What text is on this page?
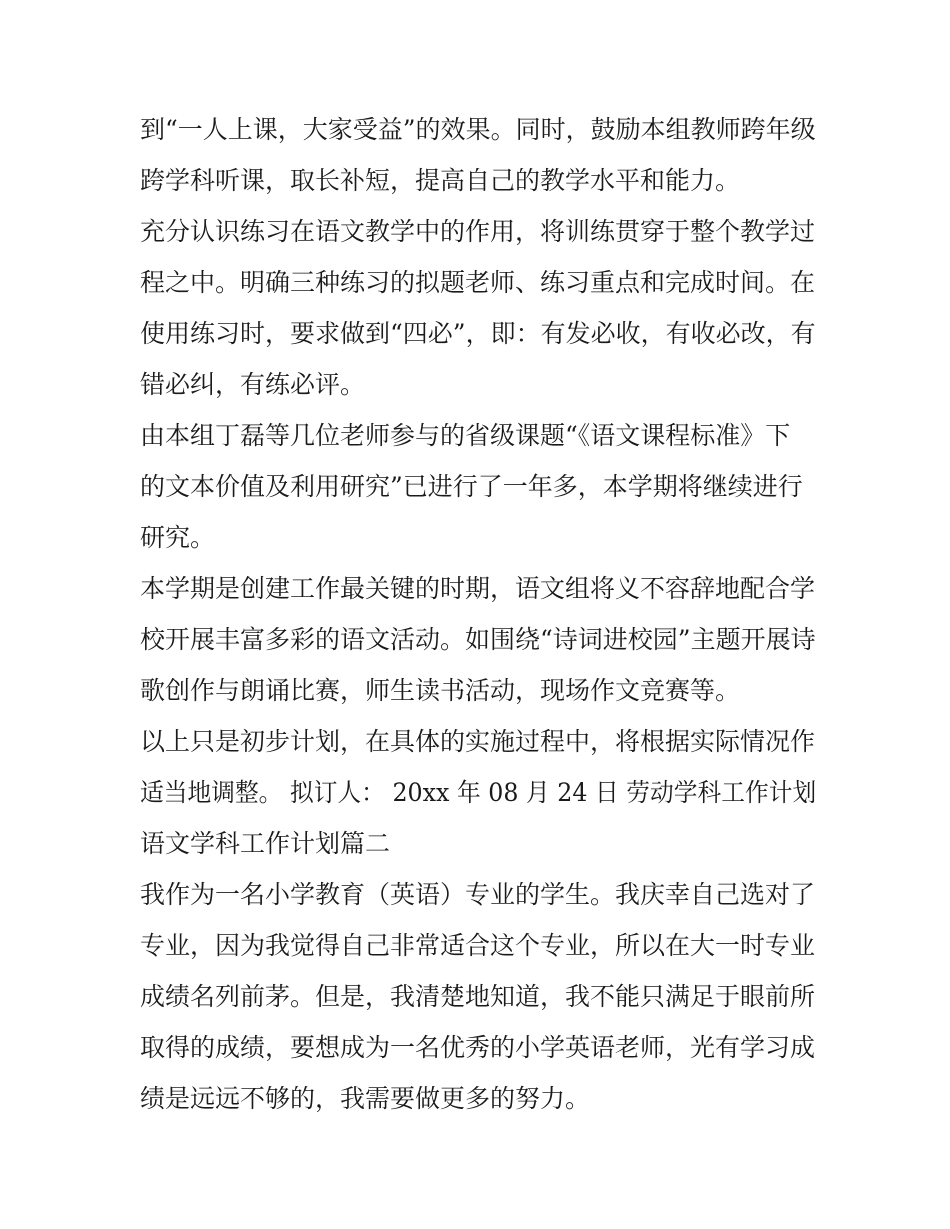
到“一人上课，大家受益”的效果。同时，鼓励本组教师跨年级
跨学科听课，取长补短，提高自己的教学水平和能力。
充分认识练习在语文教学中的作用，将训练贯穿于整个教学过
程之中。明确三种练习的拟题老师、练习重点和完成时间。在
使用练习时，要求做到“四必”，即：有发必收，有收必改，有
错必纠，有练必评。
由本组丁磊等几位老师参与的省级课题“《语文课程标准》下
的文本价值及利用研究”已进行了一年多，本学期将继续进行
研究。
本学期是创建工作最关键的时期，语文组将义不容辞地配合学
校开展丰富多彩的语文活动。如围绕“诗词进校园”主题开展诗
歌创作与朗诵比赛，师生读书活动，现场作文竞赛等。
以上只是初步计划，在具体的实施过程中，将根据实际情况作
适当地调整。 拟订人： 20xx 年 08 月 24 日 劳动学科工作计划
语文学科工作计划篇二
我作为一名小学教育（英语）专业的学生。我庆幸自己选对了
专业，因为我觉得自己非常适合这个专业，所以在大一时专业
成绩名列前茅。但是，我清楚地知道，我不能只满足于眼前所
取得的成绩，要想成为一名优秀的小学英语老师，光有学习成
绩是远远不够的，我需要做更多的努力。
